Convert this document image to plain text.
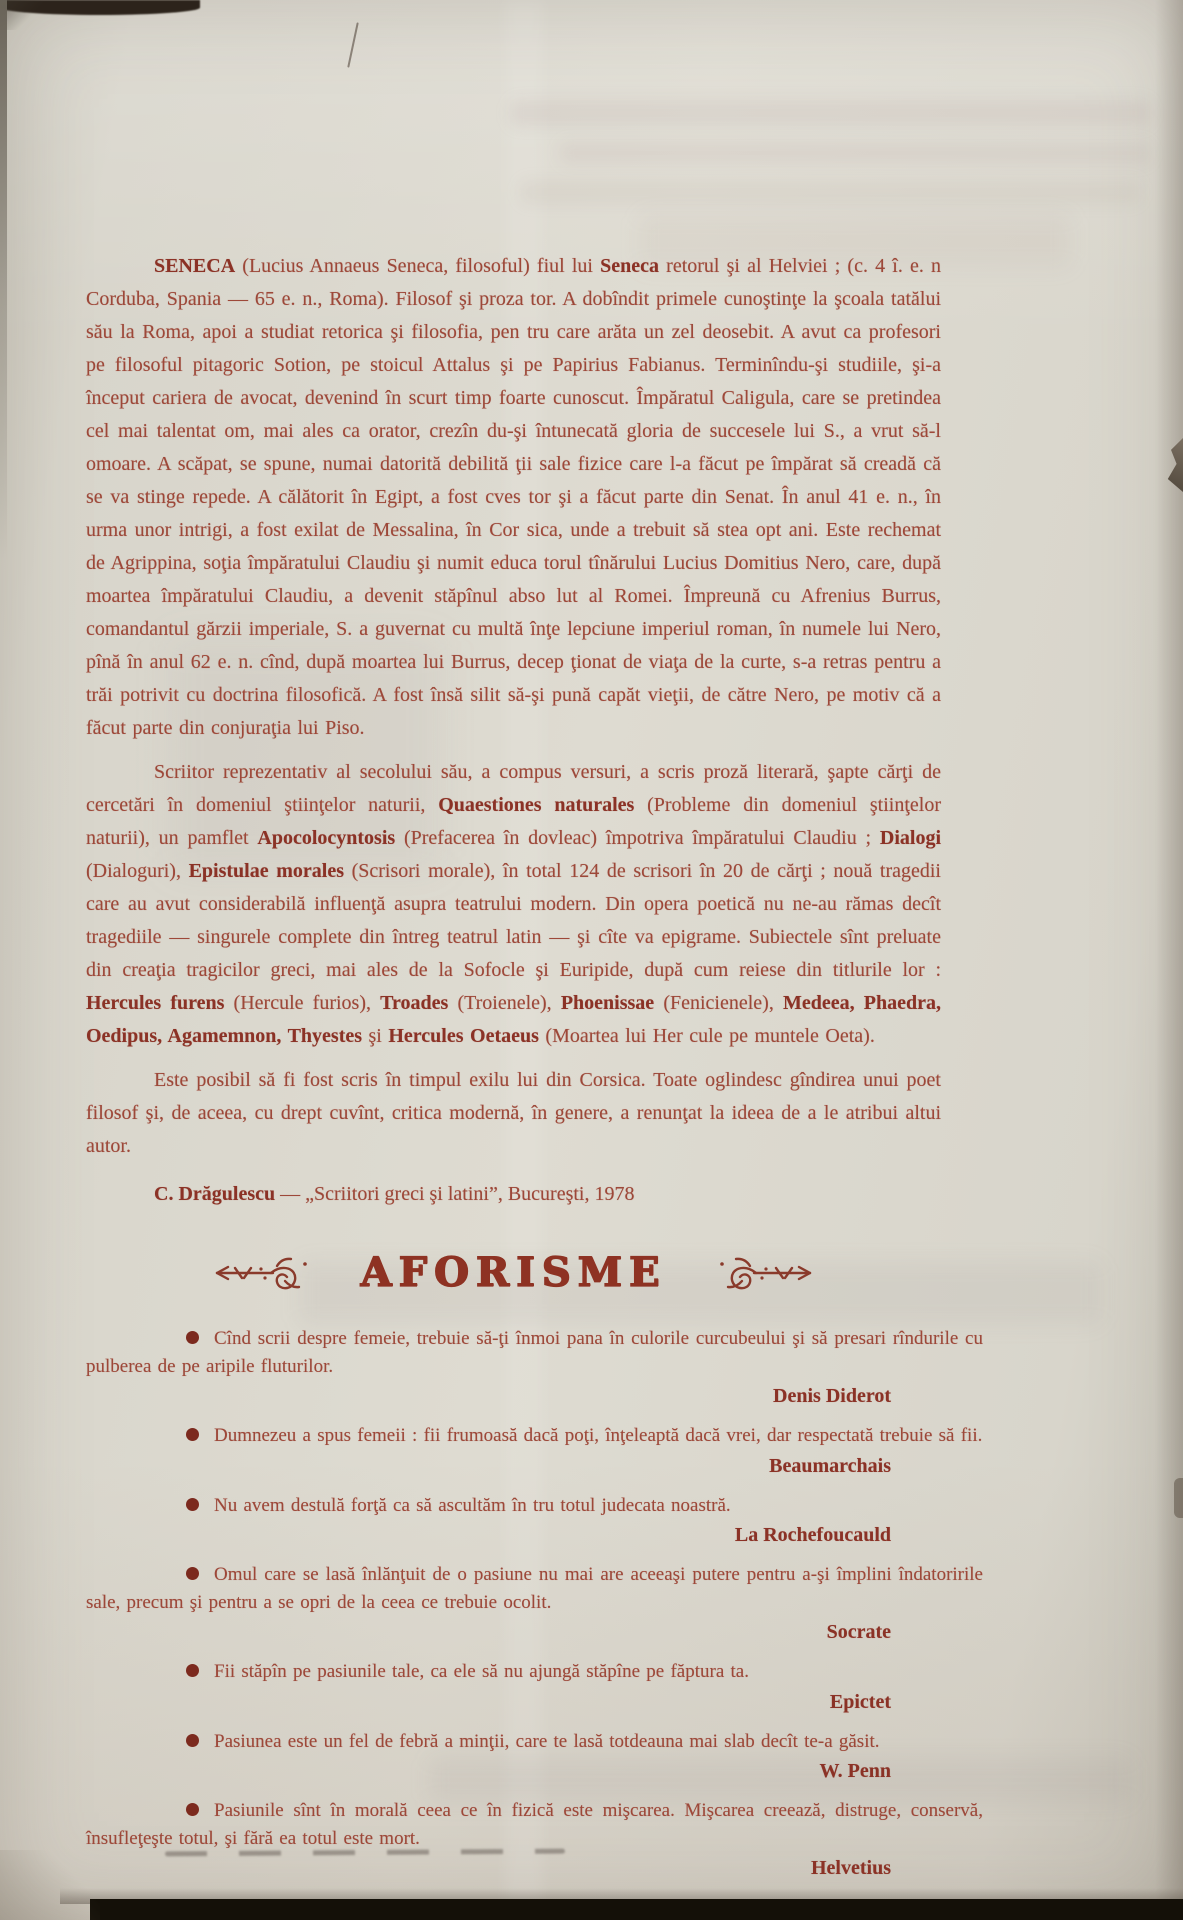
SENECA (Lucius Annaeus Seneca, filosoful) fiul lui Seneca retorul şi al Helviei ; (c. 4 î. e. n Corduba, Spania — 65 e. n., Roma). Filosof şi proza tor. A dobîndit primele cunoştinţe la şcoala tatălui său la Roma, apoi a studiat retorica şi filosofia, pen tru care arăta un zel deosebit. A avut ca profesori pe filosoful pitagoric Sotion, pe stoicul Attalus şi pe Papirius Fabianus. Terminîndu-şi studiile, şi-a început cariera de avocat, devenind în scurt timp foarte cunoscut. Împăratul Caligula, care se pretindea cel mai talentat om, mai ales ca orator, crezîn du-şi întunecată gloria de succesele lui S., a vrut să-l omoare. A scăpat, se spune, numai datorită debilită ţii sale fizice care l-a făcut pe împărat să creadă că se va stinge repede. A călătorit în Egipt, a fost cves tor şi a făcut parte din Senat. În anul 41 e. n., în urma unor intrigi, a fost exilat de Messalina, în Cor sica, unde a trebuit să stea opt ani. Este rechemat de Agrippina, soţia împăratului Claudiu şi numit educa torul tînărului Lucius Domitius Nero, care, după moartea împăratului Claudiu, a devenit stăpînul abso lut al Romei. Împreună cu Afrenius Burrus, comandantul gărzii imperiale, S. a guvernat cu multă înţe lepciune imperiul roman, în numele lui Nero, pînă în anul 62 e. n. cînd, după moartea lui Burrus, decep ţionat de viaţa de la curte, s-a retras pentru a trăi potrivit cu doctrina filosofică. A fost însă silit să-şi pună capăt vieţii, de către Nero, pe motiv că a făcut parte din conjuraţia lui Piso.

Scriitor reprezentativ al secolului său, a compus versuri, a scris proză literară, şapte cărţi de cercetări în domeniul ştiinţelor naturii, Quaestiones naturales (Probleme din domeniul ştiinţelor naturii), un pamflet Apocolocyntosis (Prefacerea în dovleac) împotriva împăratului Claudiu ; Dialogi (Dialoguri), Epistulae morales (Scrisori morale), în total 124 de scrisori în 20 de cărţi ; nouă tragedii care au avut considerabilă influenţă asupra teatrului modern. Din opera poetică nu ne-au rămas decît tragediile — singurele complete din întreg teatrul latin — şi cîte va epigrame. Subiectele sînt preluate din creaţia tragicilor greci, mai ales de la Sofocle şi Euripide, după cum reiese din titlurile lor : Hercules furens (Hercule furios), Troades (Troienele), Phoenissae (Fenicienele), Medeea, Phaedra, Oedipus, Agamemnon, Thyestes şi Hercules Oetaeus (Moartea lui Her cule pe muntele Oeta).

Este posibil să fi fost scris în timpul exilu lui din Corsica. Toate oglindesc gîndirea unui poet filosof şi, de aceea, cu drept cuvînt, critica modernă, în genere, a renunţat la ideea de a le atribui altui autor.

C. Drăgulescu — „Scriitori greci şi latini”, Bucureşti, 1978

AFORISME

Cînd scrii despre femeie, trebuie să-ţi înmoi pana în culorile curcubeului şi să presari rîndurile cu pulberea de pe aripile fluturilor.

Denis Diderot

Dumnezeu a spus femeii : fii frumoasă dacă poţi, înţeleaptă dacă vrei, dar respectată trebuie să fii.

Beaumarchais

Nu avem destulă forţă ca să ascultăm în tru totul judecata noastră.

La Rochefoucauld

Omul care se lasă înlănţuit de o pasiune nu mai are aceeaşi putere pentru a-şi împlini îndatoririle sale, precum şi pentru a se opri de la ceea ce trebuie ocolit.

Socrate

Fii stăpîn pe pasiunile tale, ca ele să nu ajungă stăpîne pe făptura ta.

Epictet

Pasiunea este un fel de febră a minţii, care te lasă totdeauna mai slab decît te-a găsit.

W. Penn

Pasiunile sînt în morală ceea ce în fizică este mişcarea. Mişcarea creează, distruge, conservă, însufleţeşte totul, şi fără ea totul este mort.

Helvetius
